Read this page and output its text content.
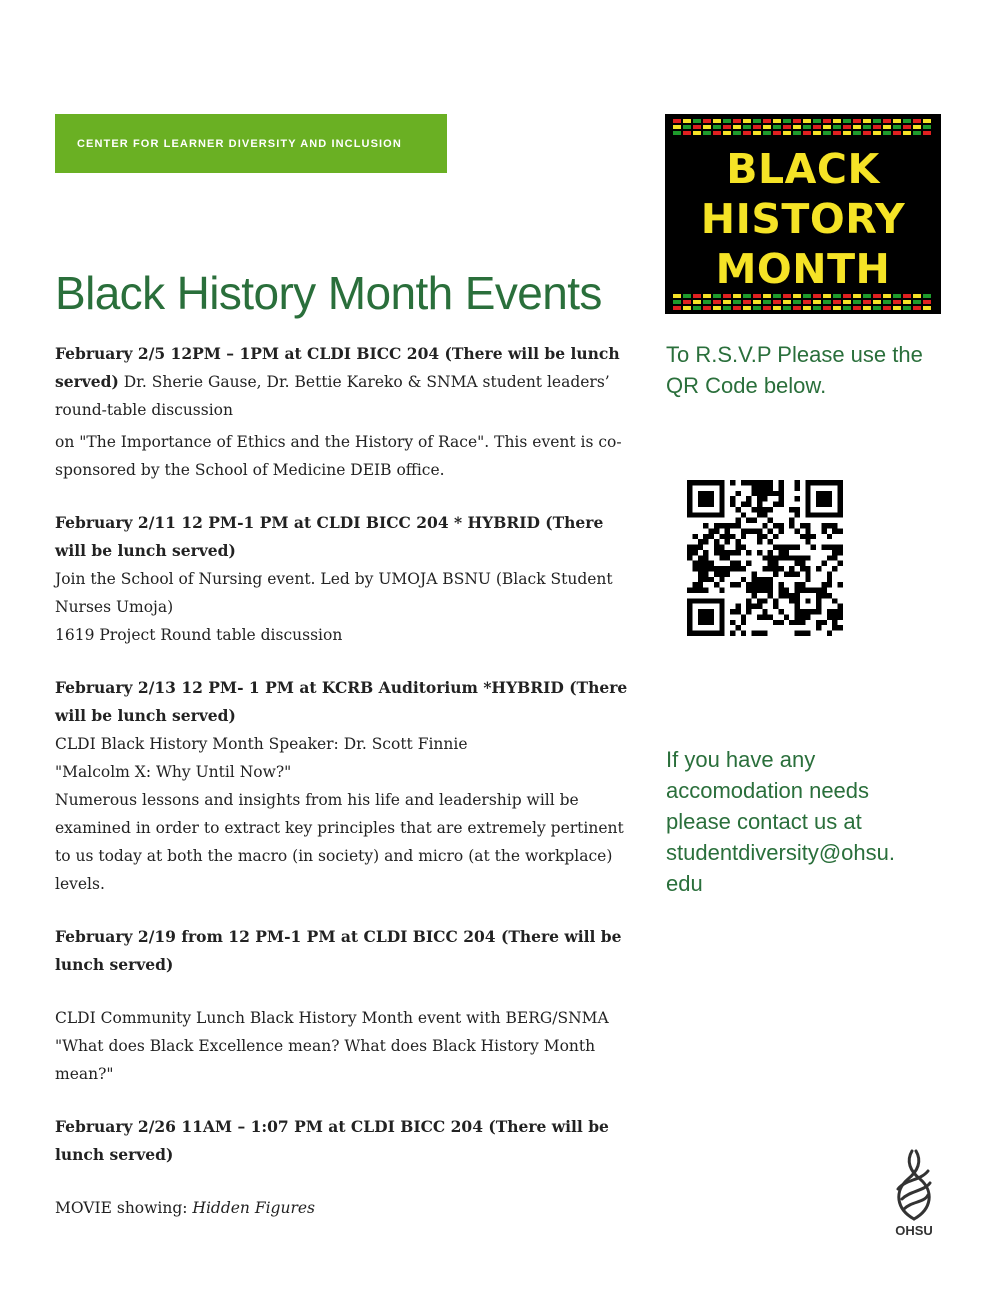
CENTER FOR LEARNER DIVERSITY AND INCLUSION
Black History Month Events

February 2/5 12PM – 1PM at CLDI BICC 204 (There will be lunch served) Dr. Sherie Gause, Dr. Bettie Kareko & SNMA student leaders’ round-table discussion

on "The Importance of Ethics and the History of Race". This event is co-sponsored by the School of Medicine DEIB office.

February 2/11 12 PM-1 PM at CLDI BICC 204 * HYBRID (There will be lunch served)

Join the School of Nursing event. Led by UMOJA BSNU (Black Student Nurses Umoja)

1619 Project Round table discussion

February 2/13 12 PM- 1 PM at KCRB Auditorium *HYBRID (There will be lunch served)

CLDI Black History Month Speaker: Dr. Scott Finnie

"Malcolm X: Why Until Now?"

Numerous lessons and insights from his life and leadership will be examined in order to extract key principles that are extremely pertinent to us today at both the macro (in society) and micro (at the workplace) levels.

February 2/19 from 12 PM-1 PM at CLDI BICC 204 (There will be lunch served)

CLDI Community Lunch Black History Month event with BERG/SNMA

"What does Black Excellence mean? What does Black History Month mean?"

February 2/26 11AM – 1:07 PM at CLDI BICC 204 (There will be lunch served)

MOVIE showing: Hidden Figures

BLACK
HISTORY
MONTH

To R.S.V.P Please use the

QR Code below.

If you have any

accomodation needs

please contact us at

studentdiversity@ohsu.

edu

OHSU
